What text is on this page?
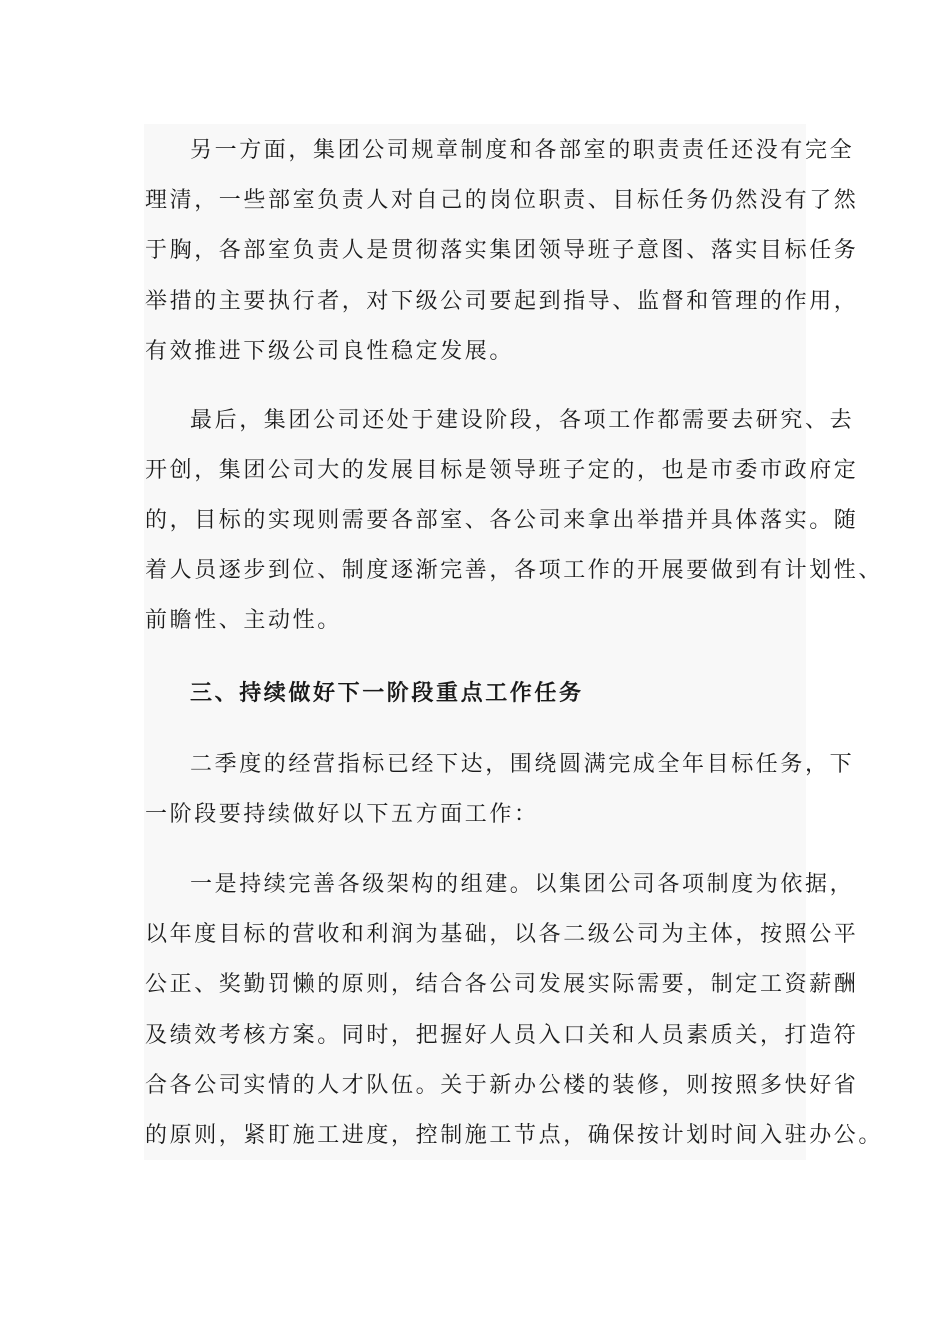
另一方面，集团公司规章制度和各部室的职责责任还没有完全
理清，一些部室负责人对自己的岗位职责、目标任务仍然没有了然
于胸，各部室负责人是贯彻落实集团领导班子意图、落实目标任务
举措的主要执行者，对下级公司要起到指导、监督和管理的作用，
有效推进下级公司良性稳定发展。
最后，集团公司还处于建设阶段，各项工作都需要去研究、去
开创，集团公司大的发展目标是领导班子定的，也是市委市政府定
的，目标的实现则需要各部室、各公司来拿出举措并具体落实。随
着人员逐步到位、制度逐渐完善，各项工作的开展要做到有计划性、
前瞻性、主动性。
三、持续做好下一阶段重点工作任务
二季度的经营指标已经下达，围绕圆满完成全年目标任务，下
一阶段要持续做好以下五方面工作：
一是持续完善各级架构的组建。以集团公司各项制度为依据，
以年度目标的营收和利润为基础，以各二级公司为主体，按照公平
公正、奖勤罚懒的原则，结合各公司发展实际需要，制定工资薪酬
及绩效考核方案。同时，把握好人员入口关和人员素质关，打造符
合各公司实情的人才队伍。关于新办公楼的装修，则按照多快好省
的原则，紧盯施工进度，控制施工节点，确保按计划时间入驻办公。
